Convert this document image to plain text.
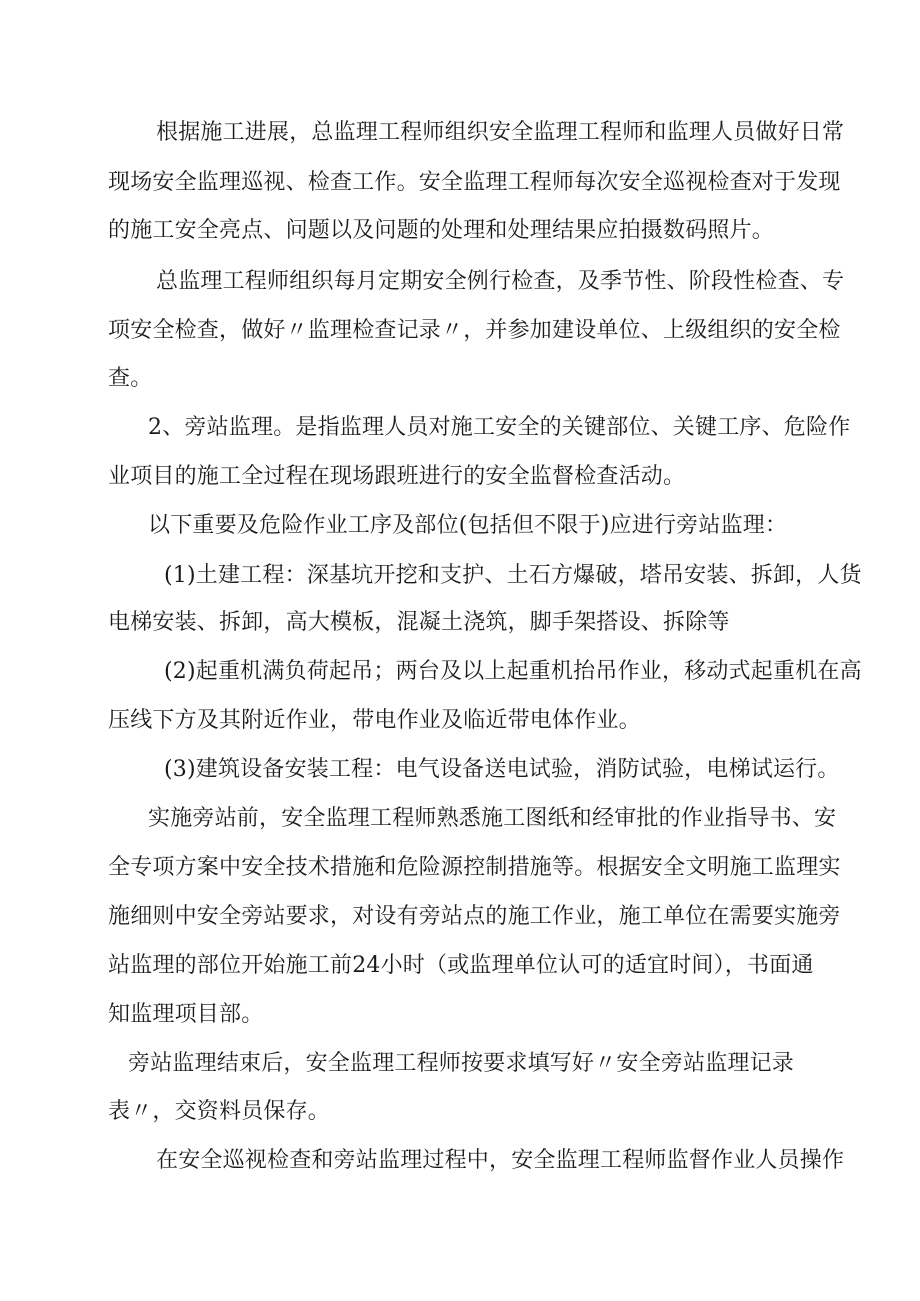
根据施工进展，总监理工程师组织安全监理工程师和监理人员做好日常
现场安全监理巡视、检查工作。安全监理工程师每次安全巡视检查对于发现
的施工安全亮点、问题以及问题的处理和处理结果应拍摄数码照片。
总监理工程师组织每月定期安全例行检查，及季节性、阶段性检查、专
项安全检查，做好〃监理检查记录〃，并参加建设单位、上级组织的安全检
查。
2、旁站监理。是指监理人员对施工安全的关键部位、关键工序、危险作
业项目的施工全过程在现场跟班进行的安全监督检查活动。
以下重要及危险作业工序及部位(包括但不限于)应进行旁站监理：
(1)土建工程：深基坑开挖和支护、土石方爆破，塔吊安装、拆卸，人货
电梯安装、拆卸，高大模板，混凝土浇筑，脚手架搭设、拆除等
(2)起重机满负荷起吊；两台及以上起重机抬吊作业，移动式起重机在高
压线下方及其附近作业，带电作业及临近带电体作业。
(3)建筑设备安装工程：电气设备送电试验，消防试验，电梯试运行。
实施旁站前，安全监理工程师熟悉施工图纸和经审批的作业指导书、安
全专项方案中安全技术措施和危险源控制措施等。根据安全文明施工监理实
施细则中安全旁站要求，对设有旁站点的施工作业，施工单位在需要实施旁
站监理的部位开始施工前24小时（或监理单位认可的适宜时间），书面通
知监理项目部。
旁站监理结束后，安全监理工程师按要求填写好〃安全旁站监理记录
表〃，交资料员保存。
在安全巡视检查和旁站监理过程中，安全监理工程师监督作业人员操作
